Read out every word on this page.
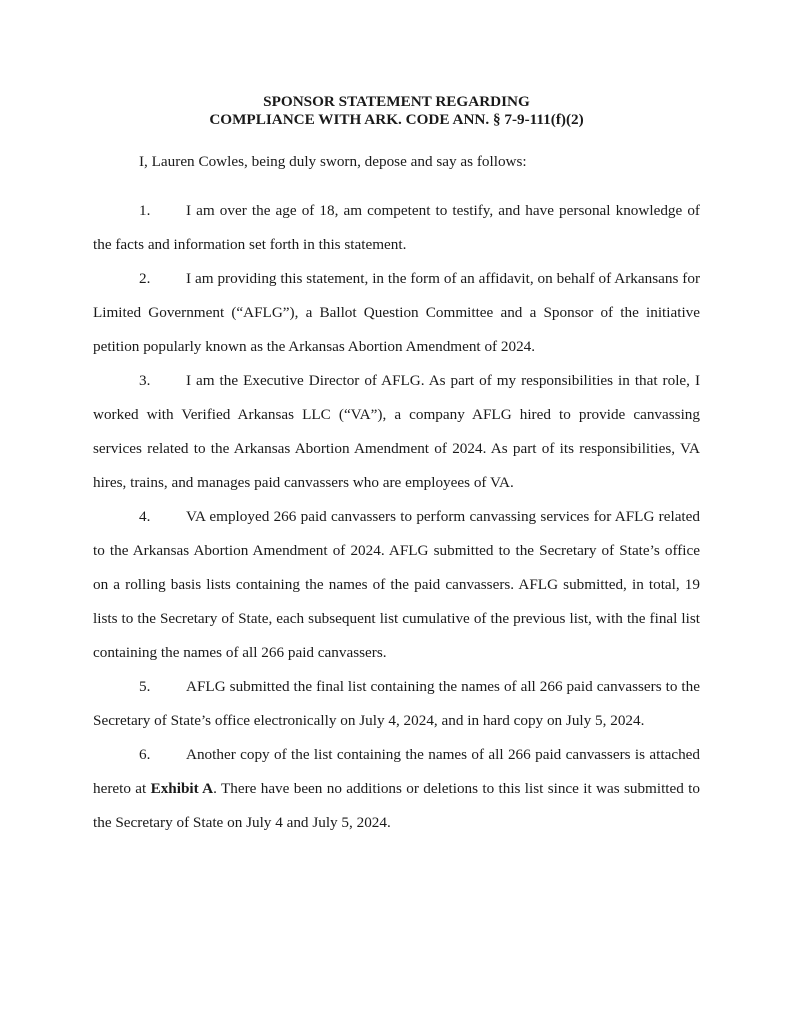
SPONSOR STATEMENT REGARDING
COMPLIANCE WITH ARK. CODE ANN. § 7-9-111(f)(2)

I, Lauren Cowles, being duly sworn, depose and say as follows:

1. I am over the age of 18, am competent to testify, and have personal knowledge of the facts and information set forth in this statement.

2. I am providing this statement, in the form of an affidavit, on behalf of Arkansans for Limited Government (“AFLG”), a Ballot Question Committee and a Sponsor of the initiative petition popularly known as the Arkansas Abortion Amendment of 2024.

3. I am the Executive Director of AFLG. As part of my responsibilities in that role, I worked with Verified Arkansas LLC (“VA”), a company AFLG hired to provide canvassing services related to the Arkansas Abortion Amendment of 2024. As part of its responsibilities, VA hires, trains, and manages paid canvassers who are employees of VA.

4. VA employed 266 paid canvassers to perform canvassing services for AFLG related to the Arkansas Abortion Amendment of 2024. AFLG submitted to the Secretary of State’s office on a rolling basis lists containing the names of the paid canvassers. AFLG submitted, in total, 19 lists to the Secretary of State, each subsequent list cumulative of the previous list, with the final list containing the names of all 266 paid canvassers.

5. AFLG submitted the final list containing the names of all 266 paid canvassers to the Secretary of State’s office electronically on July 4, 2024, and in hard copy on July 5, 2024.

6. Another copy of the list containing the names of all 266 paid canvassers is attached hereto at Exhibit A. There have been no additions or deletions to this list since it was submitted to the Secretary of State on July 4 and July 5, 2024.
